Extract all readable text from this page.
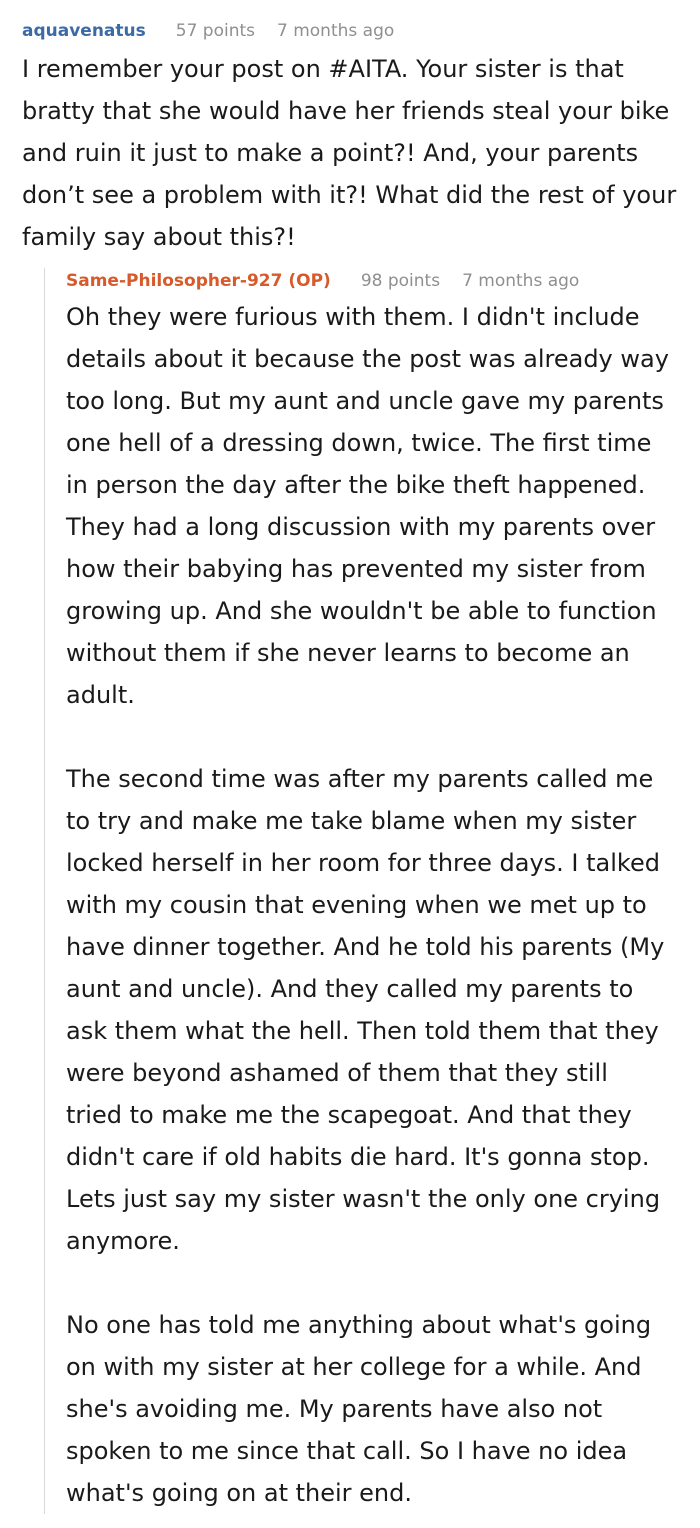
aquavenatus 57 points 7 months ago

I remember your post on #AITA. Your sister is that bratty that she would have her friends steal your bike and ruin it just to make a point?! And, your parents don’t see a problem with it?! What did the rest of your family say about this?!

Same-Philosopher-927 (OP) 98 points 7 months ago

Oh they were furious with them. I didn't include details about it because the post was already way too long. But my aunt and uncle gave my parents one hell of a dressing down, twice. The first time in person the day after the bike theft happened. They had a long discussion with my parents over how their babying has prevented my sister from growing up. And she wouldn't be able to function without them if she never learns to become an adult.

The second time was after my parents called me to try and make me take blame when my sister locked herself in her room for three days. I talked with my cousin that evening when we met up to have dinner together. And he told his parents (My aunt and uncle). And they called my parents to ask them what the hell. Then told them that they were beyond ashamed of them that they still tried to make me the scapegoat. And that they didn't care if old habits die hard. It's gonna stop. Lets just say my sister wasn't the only one crying anymore.

No one has told me anything about what's going on with my sister at her college for a while. And she's avoiding me. My parents have also not spoken to me since that call. So I have no idea what's going on at their end.
